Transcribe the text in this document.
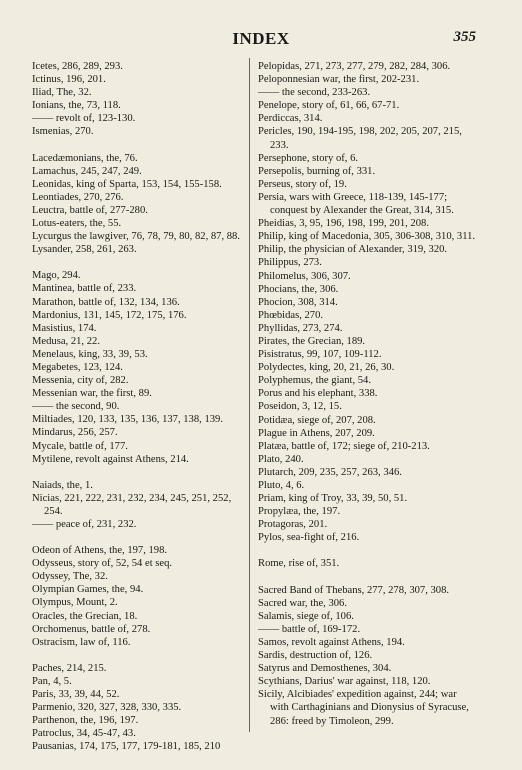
INDEX	355
Icetes, 286, 289, 293.
Ictinus, 196, 201.
Iliad, The, 32.
Ionians, the, 73, 118.
—— revolt of, 123-130.
Ismenias, 270.
Lacedæmonians, the, 76.
Lamachus, 245, 247, 249.
Leonidas, king of Sparta, 153, 154, 155-158.
Leontiades, 270, 276.
Leuctra, battle of, 277-280.
Lotus-eaters, the, 55.
Lycurgus the lawgiver, 76, 78, 79, 80, 82, 87, 88.
Lysander, 258, 261, 263.
Mago, 294.
Mantinea, battle of, 233.
Marathon, battle of, 132, 134, 136.
Mardonius, 131, 145, 172, 175, 176.
Masistius, 174.
Medusa, 21, 22.
Menelaus, king, 33, 39, 53.
Megabetes, 123, 124.
Messenia, city of, 282.
Messenian war, the first, 89.
—— the second, 90.
Miltiades, 120, 133, 135, 136, 137, 138, 139.
Mindarus, 256, 257.
Mycale, battle of, 177.
Mytilene, revolt against Athens, 214.
Naiads, the, 1.
Nicias, 221, 222, 231, 232, 234, 245, 251, 252, 254.
—— peace of, 231, 232.
Odeon of Athens, the, 197, 198.
Odysseus, story of, 52, 54 et seq.
Odyssey, The, 32.
Olympian Games, the, 94.
Olympus, Mount, 2.
Oracles, the Grecian, 18.
Orchomenus, battle of, 278.
Ostracism, law of, 116.
Paches, 214, 215.
Pan, 4, 5.
Paris, 33, 39, 44, 52.
Parmenio, 320, 327, 328, 330, 335.
Parthenon, the, 196, 197.
Patroclus, 34, 45-47, 43.
Pausanias, 174, 175, 177, 179-181, 185, 210
Pelopidas, 271, 273, 277, 279, 282, 284, 306.
Peloponnesian war, the first, 202-231.
—— the second, 233-263.
Penelope, story of, 61, 66, 67-71.
Perdiccas, 314.
Pericles, 190, 194-195, 198, 202, 205, 207, 215, 233.
Persephone, story of, 6.
Persepolis, burning of, 331.
Perseus, story of, 19.
Persia, wars with Greece, 118-139, 145-177; conquest by Alexander the Great, 314, 315.
Pheidias, 3, 95, 196, 198, 199, 201, 208.
Philip, king of Macedonia, 305, 306-308, 310, 311.
Philip, the physician of Alexander, 319, 320.
Philippus, 273.
Philomelus, 306, 307.
Phocians, the, 306.
Phocion, 308, 314.
Phœbidas, 270.
Phyllidas, 273, 274.
Pirates, the Grecian, 189.
Pisistratus, 99, 107, 109-112.
Polydectes, king, 20, 21, 26, 30.
Polyphemus, the giant, 54.
Porus and his elephant, 338.
Poseidon, 3, 12, 15.
Potidæa, siege of, 207, 208.
Plague in Athens, 207, 209.
Platæa, battle of, 172; siege of, 210-213.
Plato, 240.
Plutarch, 209, 235, 257, 263, 346.
Pluto, 4, 6.
Priam, king of Troy, 33, 39, 50, 51.
Propylæa, the, 197.
Protagoras, 201.
Pylos, sea-fight of, 216.
Rome, rise of, 351.
Sacred Band of Thebans, 277, 278, 307, 308.
Sacred war, the, 306.
Salamis, siege of, 106.
—— battle of, 169-172.
Samos, revolt against Athens, 194.
Sardis, destruction of, 126.
Satyrus and Demosthenes, 304.
Scythians, Darius' war against, 118, 120.
Sicily, Alcibiades' expedition against, 244; war with Carthaginians and Dionysius of Syracuse, 286: freed by Timoleon, 299.
